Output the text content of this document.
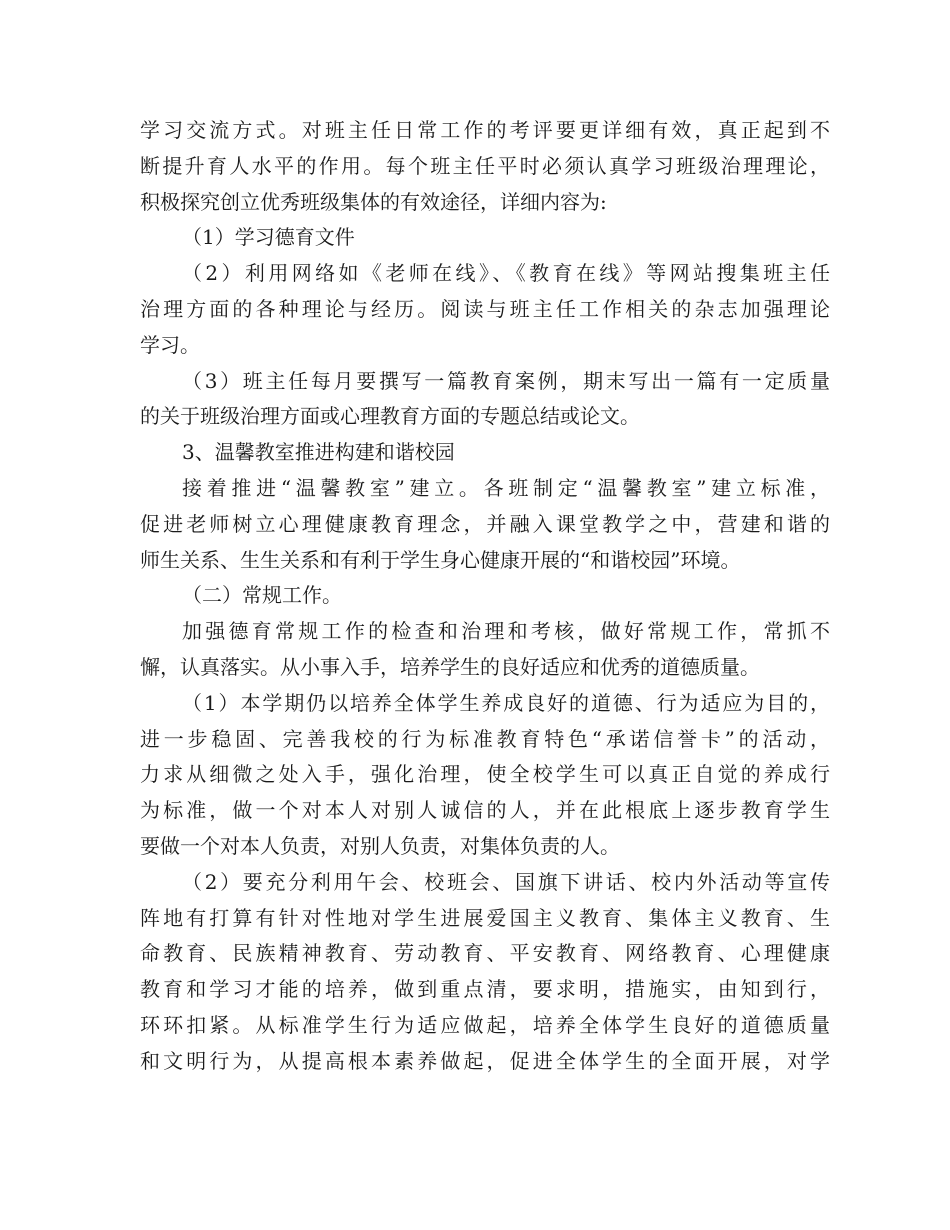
学习交流方式。对班主任日常工作的考评要更详细有效，真正起到不
断提升育人水平的作用。每个班主任平时必须认真学习班级治理理论，
积极探究创立优秀班级集体的有效途径，详细内容为:
（1）学习德育文件
（2）利用网络如《老师在线》、《教育在线》等网站搜集班主任
治理方面的各种理论与经历。阅读与班主任工作相关的杂志加强理论
学习。
（3）班主任每月要撰写一篇教育案例，期末写出一篇有一定质量
的关于班级治理方面或心理教育方面的专题总结或论文。
3、温馨教室推进构建和谐校园
接着推进“温馨教室”建立。各班制定“温馨教室”建立标准，
促进老师树立心理健康教育理念，并融入课堂教学之中，营建和谐的
师生关系、生生关系和有利于学生身心健康开展的“和谐校园”环境。
（二）常规工作。
加强德育常规工作的检查和治理和考核，做好常规工作，常抓不
懈，认真落实。从小事入手，培养学生的良好适应和优秀的道德质量。
（1）本学期仍以培养全体学生养成良好的道德、行为适应为目的，
进一步稳固、完善我校的行为标准教育特色“承诺信誉卡”的活动，
力求从细微之处入手，强化治理，使全校学生可以真正自觉的养成行
为标准，做一个对本人对别人诚信的人，并在此根底上逐步教育学生
要做一个对本人负责，对别人负责，对集体负责的人。
（2）要充分利用午会、校班会、国旗下讲话、校内外活动等宣传
阵地有打算有针对性地对学生进展爱国主义教育、集体主义教育、生
命教育、民族精神教育、劳动教育、平安教育、网络教育、心理健康
教育和学习才能的培养，做到重点清，要求明，措施实，由知到行，
环环扣紧。从标准学生行为适应做起，培养全体学生良好的道德质量
和文明行为，从提高根本素养做起，促进全体学生的全面开展，对学
